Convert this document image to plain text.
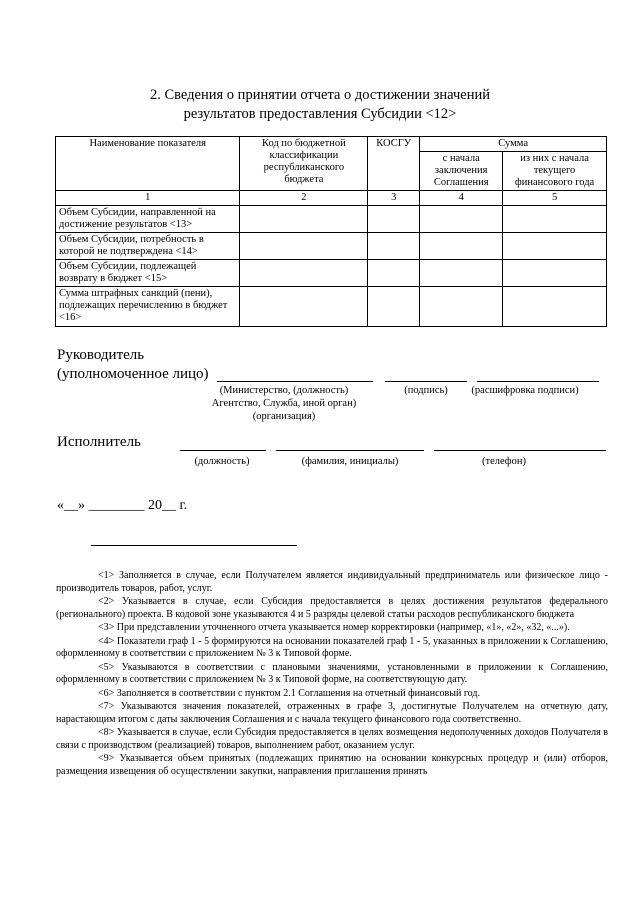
2. Сведения о принятии отчета о достижении значений
результатов предоставления Субсидии <12>
Наименование показателя	Код по бюджетной классификации республиканского бюджета	КОСГУ	Сумма	
			с начала заключения Соглашения	из них с начала текущего финансового года
1	2	3	4	5
Объем Субсидии, направленной на достижение результатов <13>				
Объем Субсидии, потребность в которой не подтверждена <14>				
Объем Субсидии, подлежащей возврату в бюджет <15>				
Сумма штрафных санкций (пени), подлежащих перечислению в бюджет <16>				
Руководитель
(уполномоченное лицо)
(Министерство, (должность) Агентство, Служба, иной орган) (организация)
(подпись)	(расшифровка подписи)
Исполнитель
(должность)	(фамилия, инициалы)	(телефон)
«__» ________ 20__ г.

<1> Заполняется в случае, если Получателем является индивидуальный предприниматель или физическое лицо - производитель товаров, работ, услуг.

<2> Указывается в случае, если Субсидия предоставляется в целях достижения результатов федерального (регионального) проекта. В кодовой зоне указываются 4 и 5 разряды целевой статьи расходов республиканского бюджета

<3> При представлении уточненного отчета указывается номер корректировки (например, «1», «2», «32, «...»).

<4> Показатели граф 1 - 5 формируются на основании показателей граф 1 - 5, указанных в приложении к Соглашению, оформленному в соответствии с приложением № 3 к Типовой форме.

<5> Указываются в соответствии с плановыми значениями, установленными в приложении к Соглашению, оформленному в соответствии с приложением № 3 к Типовой форме, на соответствующую дату.

<6> Заполняется в соответствии с пунктом 2.1 Соглашения на отчетный финансовый год.

<7> Указываются значения показателей, отраженных в графе 3, достигнутые Получателем на отчетную дату, нарастающим итогом с даты заключения Соглашения и с начала текущего финансового года соответственно.

<8> Указывается в случае, если Субсидия предоставляется в целях возмещения недополученных доходов Получателя в связи с производством (реализацией) товаров, выполнением работ, оказанием услуг.

<9> Указывается объем принятых (подлежащих принятию на основании конкурсных процедур и (или) отборов, размещения извещения об осуществлении закупки, направления приглашения принять
